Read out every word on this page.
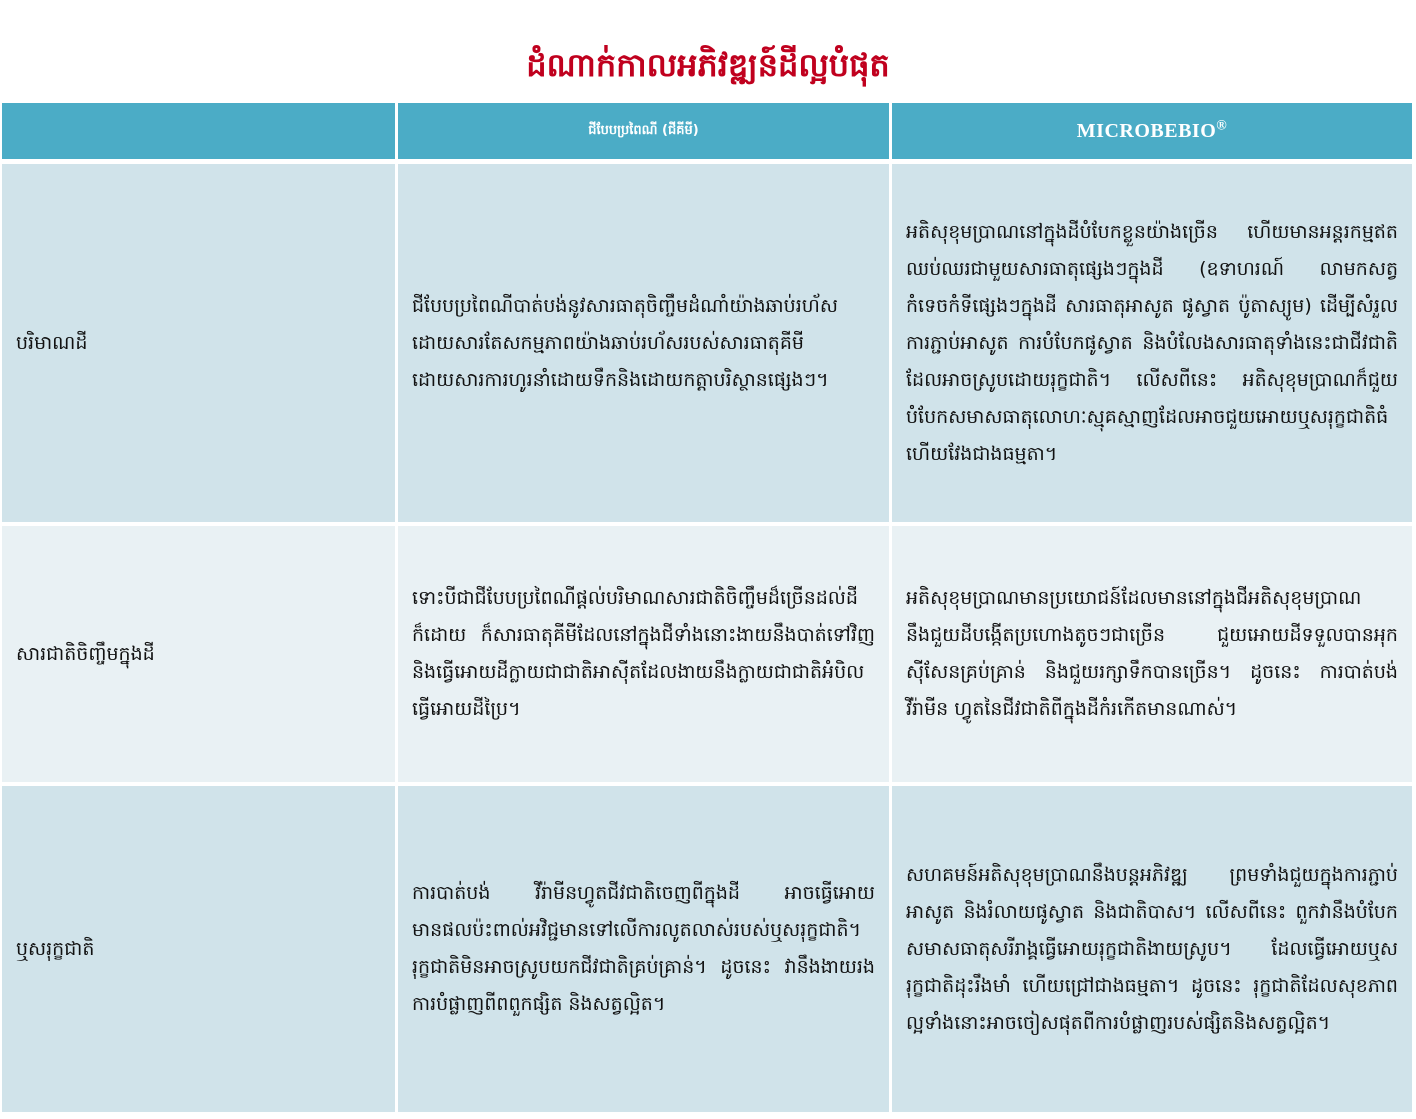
ដំណាក់កាលអភិវឌ្ឍន៍ដីល្អបំផុត
	ជីបែបប្រពៃណី (ជីគីមី)	MICROBEBIO®
បរិមាណដី	ជីបែបប្រពៃណីបាត់បង់នូវសារធាតុចិញ្ចឹមដំណាំយ៉ាងឆាប់រហ័ស ដោយសារតែសកម្មភាពយ៉ាងឆាប់រហ័សរបស់សារធាតុគីមី ដោយសារការហូរនាំដោយទឹកនិងដោយកត្តាបរិស្ថានផ្សេងៗ។	អតិសុខុមប្រាណនៅក្នុងដីបំបែកខ្លួនយ៉ាងច្រើន ហើយមានអន្តរកម្មឥតឈប់ឈរជាមួយសារធាតុផ្សេងៗក្នុងដី (ឧទាហរណ៍ លាមកសត្វ កំទេចកំទីផ្សេងៗក្នុងដី សារធាតុអាសូត ផូស្វាត ប៉ូតាស្យូម) ដើម្បីសំរួលការភ្ជាប់អាសូត ការបំបែកផូស្វាត និងបំលែងសារធាតុទាំងនេះជាជីវជាតិដែលអាចស្រូបដោយរុក្ខជាតិ។ លើសពីនេះ អតិសុខុមប្រាណក៏ជួយបំបែកសមាសធាតុលោហៈស្មុគស្មាញដែលអាចជួយអោយឬសរុក្ខជាតិធំ ហើយវែងជាងធម្មតា។
សារជាតិចិញ្ចឹមក្នុងដី	ទោះបីជាជីបែបប្រពៃណីផ្តល់បរិមាណសារជាតិចិញ្ចឹមដ៏ច្រើនដល់ដីក៏ដោយ ក៏សារធាតុគីមីដែលនៅក្នុងជីទាំងនោះងាយនឹងបាត់ទៅវិញ និងធ្វើអោយដីក្លាយជាជាតិអាស៊ីតដែលងាយនឹងក្លាយជាជាតិអំបិលធ្វើអោយដីប្រៃ។	អតិសុខុមប្រាណមានប្រយោជន៍ដែលមាននៅក្នុងជីអតិសុខុមប្រាណនឹងជួយដីបង្កើតប្រហោងតូចៗជាច្រើន ជួយអោយដីទទួលបានអុកស៊ីសែនគ្រប់គ្រាន់ និងជួយរក្សាទឹកបានច្រើន។ ដូចនេះ ការបាត់បង់ វីរ៉ាមីន ហ្វូតនៃជីវជាតិពីក្នុងដីកំរកើតមានណាស់។
ឬសរុក្ខជាតិ	ការបាត់បង់ វីរ៉ាមីនហ្វូតជីវជាតិចេញពីក្នុងដី អាចធ្វើអោយមានផលប៉ះពាល់អវិជ្ជមានទៅលើការលូតលាស់របស់ឬសរុក្ខជាតិ។ រុក្ខជាតិមិនអាចស្រូបយកជីវជាតិគ្រប់គ្រាន់។ ដូចនេះ វានឹងងាយរងការបំផ្លាញពីពពួកផ្សិត និងសត្វល្អិត។	សហគមន៍អតិសុខុមប្រាណនឹងបន្តអភិវឌ្ឍ ព្រមទាំងជួយក្នុងការភ្ជាប់អាសូត និងរំលាយផូស្វាត និងជាតិបាស។ លើសពីនេះ ពួកវានឹងបំបែកសមាសធាតុសរីរាង្គធ្វើអោយរុក្ខជាតិងាយស្រូប។ ដែលធ្វើអោយឬសរុក្ខជាតិដុះរឹងមាំ ហើយជ្រៅជាងធម្មតា។ ដូចនេះ រុក្ខជាតិដែលសុខភាពល្អទាំងនោះអាចចៀសផុតពីការបំផ្លាញរបស់ផ្សិតនិងសត្វល្អិត។
